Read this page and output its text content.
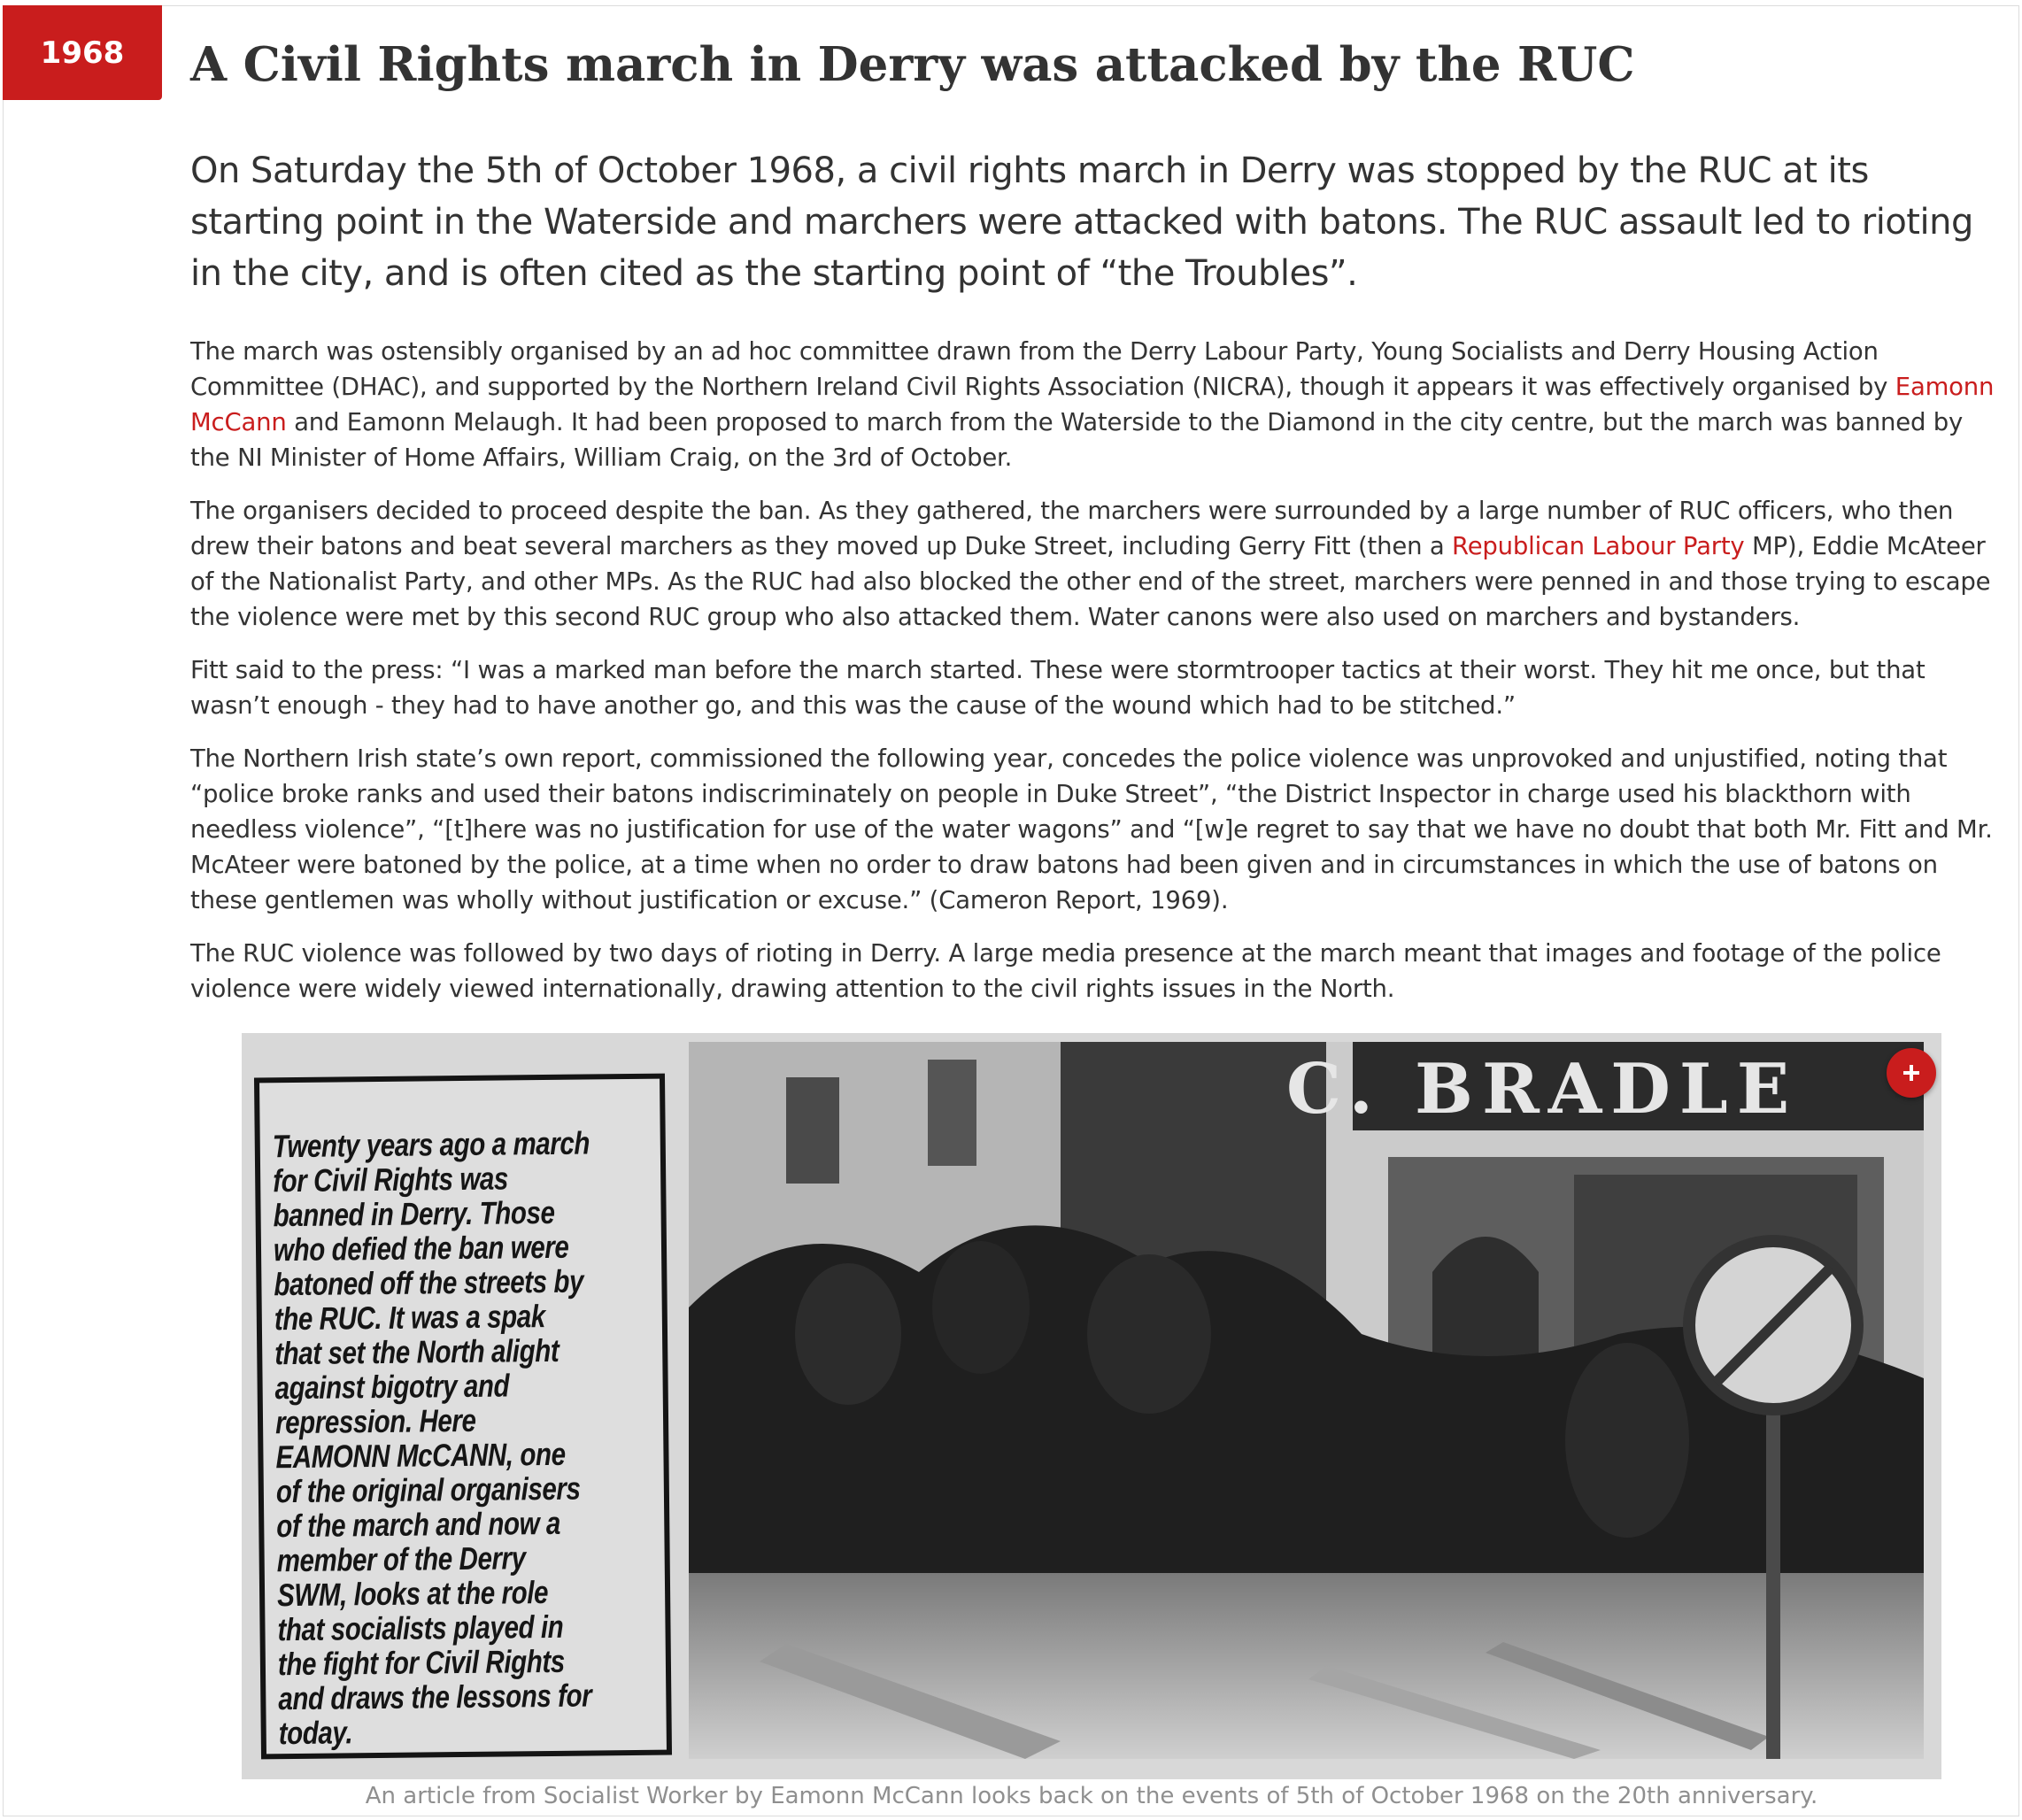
1968	A Civil Rights march in Derry was attacked by the RUC

On Saturday the 5th of October 1968, a civil rights march in Derry was stopped by the RUC at its starting point in the Waterside and marchers were attacked with batons. The RUC assault led to rioting in the city, and is often cited as the starting point of “the Troubles”.

The march was ostensibly organised by an ad hoc committee drawn from the Derry Labour Party, Young Socialists and Derry Housing Action Committee (DHAC), and supported by the Northern Ireland Civil Rights Association (NICRA), though it appears it was effectively organised by Eamonn McCann and Eamonn Melaugh. It had been proposed to march from the Waterside to the Diamond in the city centre, but the march was banned by the NI Minister of Home Affairs, William Craig, on the 3rd of October.

The organisers decided to proceed despite the ban. As they gathered, the marchers were surrounded by a large number of RUC officers, who then drew their batons and beat several marchers as they moved up Duke Street, including Gerry Fitt (then a Republican Labour Party MP), Eddie McAteer of the Nationalist Party, and other MPs. As the RUC had also blocked the other end of the street, marchers were penned in and those trying to escape the violence were met by this second RUC group who also attacked them. Water canons were also used on marchers and bystanders.

Fitt said to the press: “I was a marked man before the march started. These were stormtrooper tactics at their worst. They hit me once, but that wasn’t enough - they had to have another go, and this was the cause of the wound which had to be stitched.”

The Northern Irish state’s own report, commissioned the following year, concedes the police violence was unprovoked and unjustified, noting that “police broke ranks and used their batons indiscriminately on people in Duke Street”, “the District Inspector in charge used his blackthorn with needless violence”, “[t]here was no justification for use of the water wagons” and “[w]e regret to say that we have no doubt that both Mr. Fitt and Mr. McAteer were batoned by the police, at a time when no order to draw batons had been given and in circumstances in which the use of batons on these gentlemen was wholly without justification or excuse.” (Cameron Report, 1969).

The RUC violence was followed by two days of rioting in Derry. A large media presence at the march meant that images and footage of the police violence were widely viewed internationally, drawing attention to the civil rights issues in the North.

Twenty years ago a march for Civil Rights was banned in Derry. Those who defied the ban were batoned off the streets by the RUC. It was a spak that set the North alight against bigotry and repression. Here EAMONN McCANN, one of the original organisers of the march and now a member of the Derry SWM, looks at the role that socialists played in the fight for Civil Rights and draws the lessons for today.
C. BRADLE
An article from Socialist Worker by Eamonn McCann looks back on the events of 5th of October 1968 on the 20th anniversary.
